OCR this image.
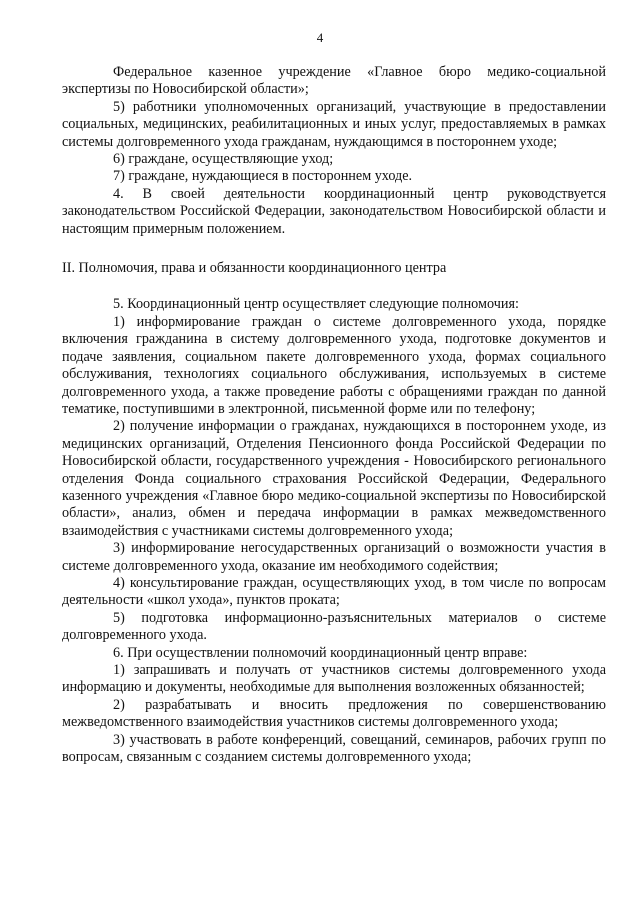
4

Федеральное казенное учреждение «Главное бюро медико-социальной экспертизы по Новосибирской области»;

5) работники уполномоченных организаций, участвующие в предоставлении социальных, медицинских, реабилитационных и иных услуг, предоставляемых в рамках системы долговременного ухода гражданам, нуждающимся в постороннем уходе;

6) граждане, осуществляющие уход;

7) граждане, нуждающиеся в постороннем уходе.

4. В своей деятельности координационный центр руководствуется законодательством Российской Федерации, законодательством Новосибирской области и настоящим примерным положением.

II. Полномочия, права и обязанности координационного центра

5. Координационный центр осуществляет следующие полномочия:

1) информирование граждан о системе долговременного ухода, порядке включения гражданина в систему долговременного ухода, подготовке документов и подаче заявления, социальном пакете долговременного ухода, формах социального обслуживания, технологиях социального обслуживания, используемых в системе долговременного ухода, а также проведение работы с обращениями граждан по данной тематике, поступившими в электронной, письменной форме или по телефону;

2) получение информации о гражданах, нуждающихся в постороннем уходе, из медицинских организаций, Отделения Пенсионного фонда Российской Федерации по Новосибирской области, государственного учреждения - Новосибирского регионального отделения Фонда социального страхования Российской Федерации, Федерального казенного учреждения «Главное бюро медико-социальной экспертизы по Новосибирской области», анализ, обмен и передача информации в рамках межведомственного взаимодействия с участниками системы долговременного ухода;

3) информирование негосударственных организаций о возможности участия в системе долговременного ухода, оказание им необходимого содействия;

4) консультирование граждан, осуществляющих уход, в том числе по вопросам деятельности «школ ухода», пунктов проката;

5) подготовка информационно-разъяснительных материалов о системе долговременного ухода.

6. При осуществлении полномочий координационный центр вправе:

1) запрашивать и получать от участников системы долговременного ухода информацию и документы, необходимые для выполнения возложенных обязанностей;

2) разрабатывать и вносить предложения по совершенствованию межведомственного взаимодействия участников системы долговременного ухода;

3) участвовать в работе конференций, совещаний, семинаров, рабочих групп по вопросам, связанным с созданием системы долговременного ухода;
